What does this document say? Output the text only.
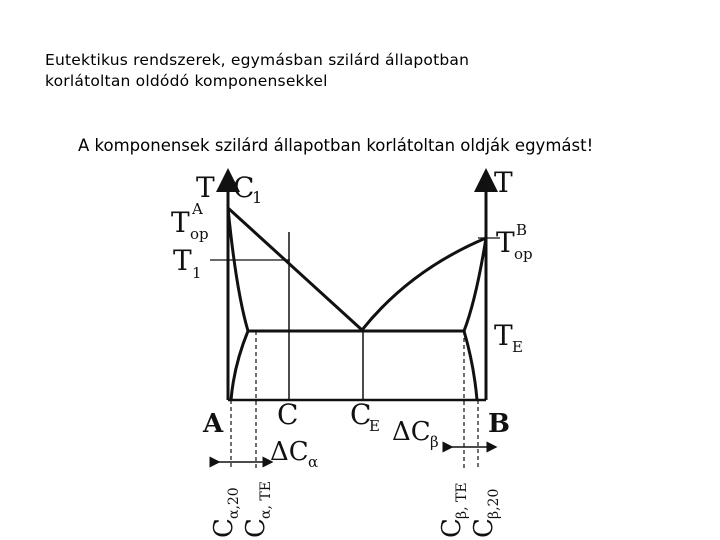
Eutektikus rendszerek, egymásban szilárd állapotban
korlátoltan oldódó komponensekkel
A komponensek szilárd állapotban korlátoltan oldják egymást!
T C
1	T
T A
op
T 1
T B
op
T E
A C C
E	B
ΔC α
ΔC β
C
α,20
C
α, TE
C
β, TE
C
β,20
